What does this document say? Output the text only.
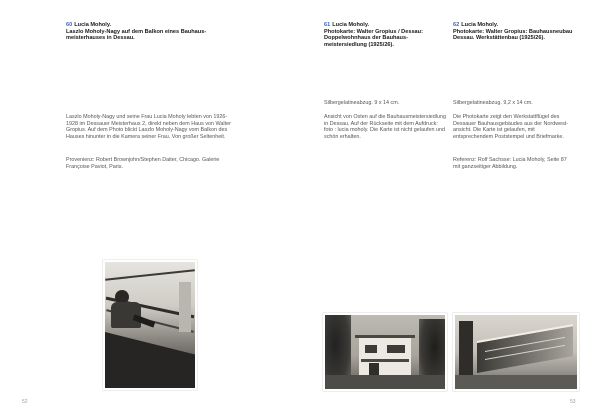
60 Lucia Moholy.
Laszlo Moholy-Nagy auf dem Balkon eines Bauhausmeisterhauses in Dessau.
Laszlo Moholy-Nagy und seine Frau Lucia Moholy lebten von 1926-1928 im Dessauer Meisterhaus 2, direkt neben dem Haus von Walter Gropius. Auf dem Photo blickt Laszlo Moholy-Nagy vom Balkon des Hauses hinunter in die Kamera seiner Frau. Von großer Seltenheit.
Provenienz: Robert Brownjohn/Stephen Daiter, Chicago. Galerie Françoise Paviot, Paris.
52
61 Lucia Moholy.
Photokarte: Walter Gropius / Dessau: Doppelwohnhaus der Bauhausmeistersiedlung (1925/26).
Silbergelatineabzug. 9 x 14 cm.
Ansicht von Osten auf die Bauhausmeistersiedlung in Dessau. Auf der Rückseite mit dem Aufdruck: foto : lucia moholy. Die Karte ist nicht gelaufen und schön erhalten.
62 Lucia Moholy.
Photokarte: Walter Gropius: Bauhausneubau Dessau. Werkstättenbau (1925/26).
Silbergelatineabzug. 9,2 x 14 cm.
Die Photokarte zeigt den Werkstattflügel des Dessauer Bauhausgebäudes aus der Nordwestansicht. Die Karte ist gelaufen, mit entsprechendem Poststempel und Briefmarke.
Referenz: Rolf Sachsse: Lucia Moholy, Seite 87 mit ganzseitiger Abbildung.
53
